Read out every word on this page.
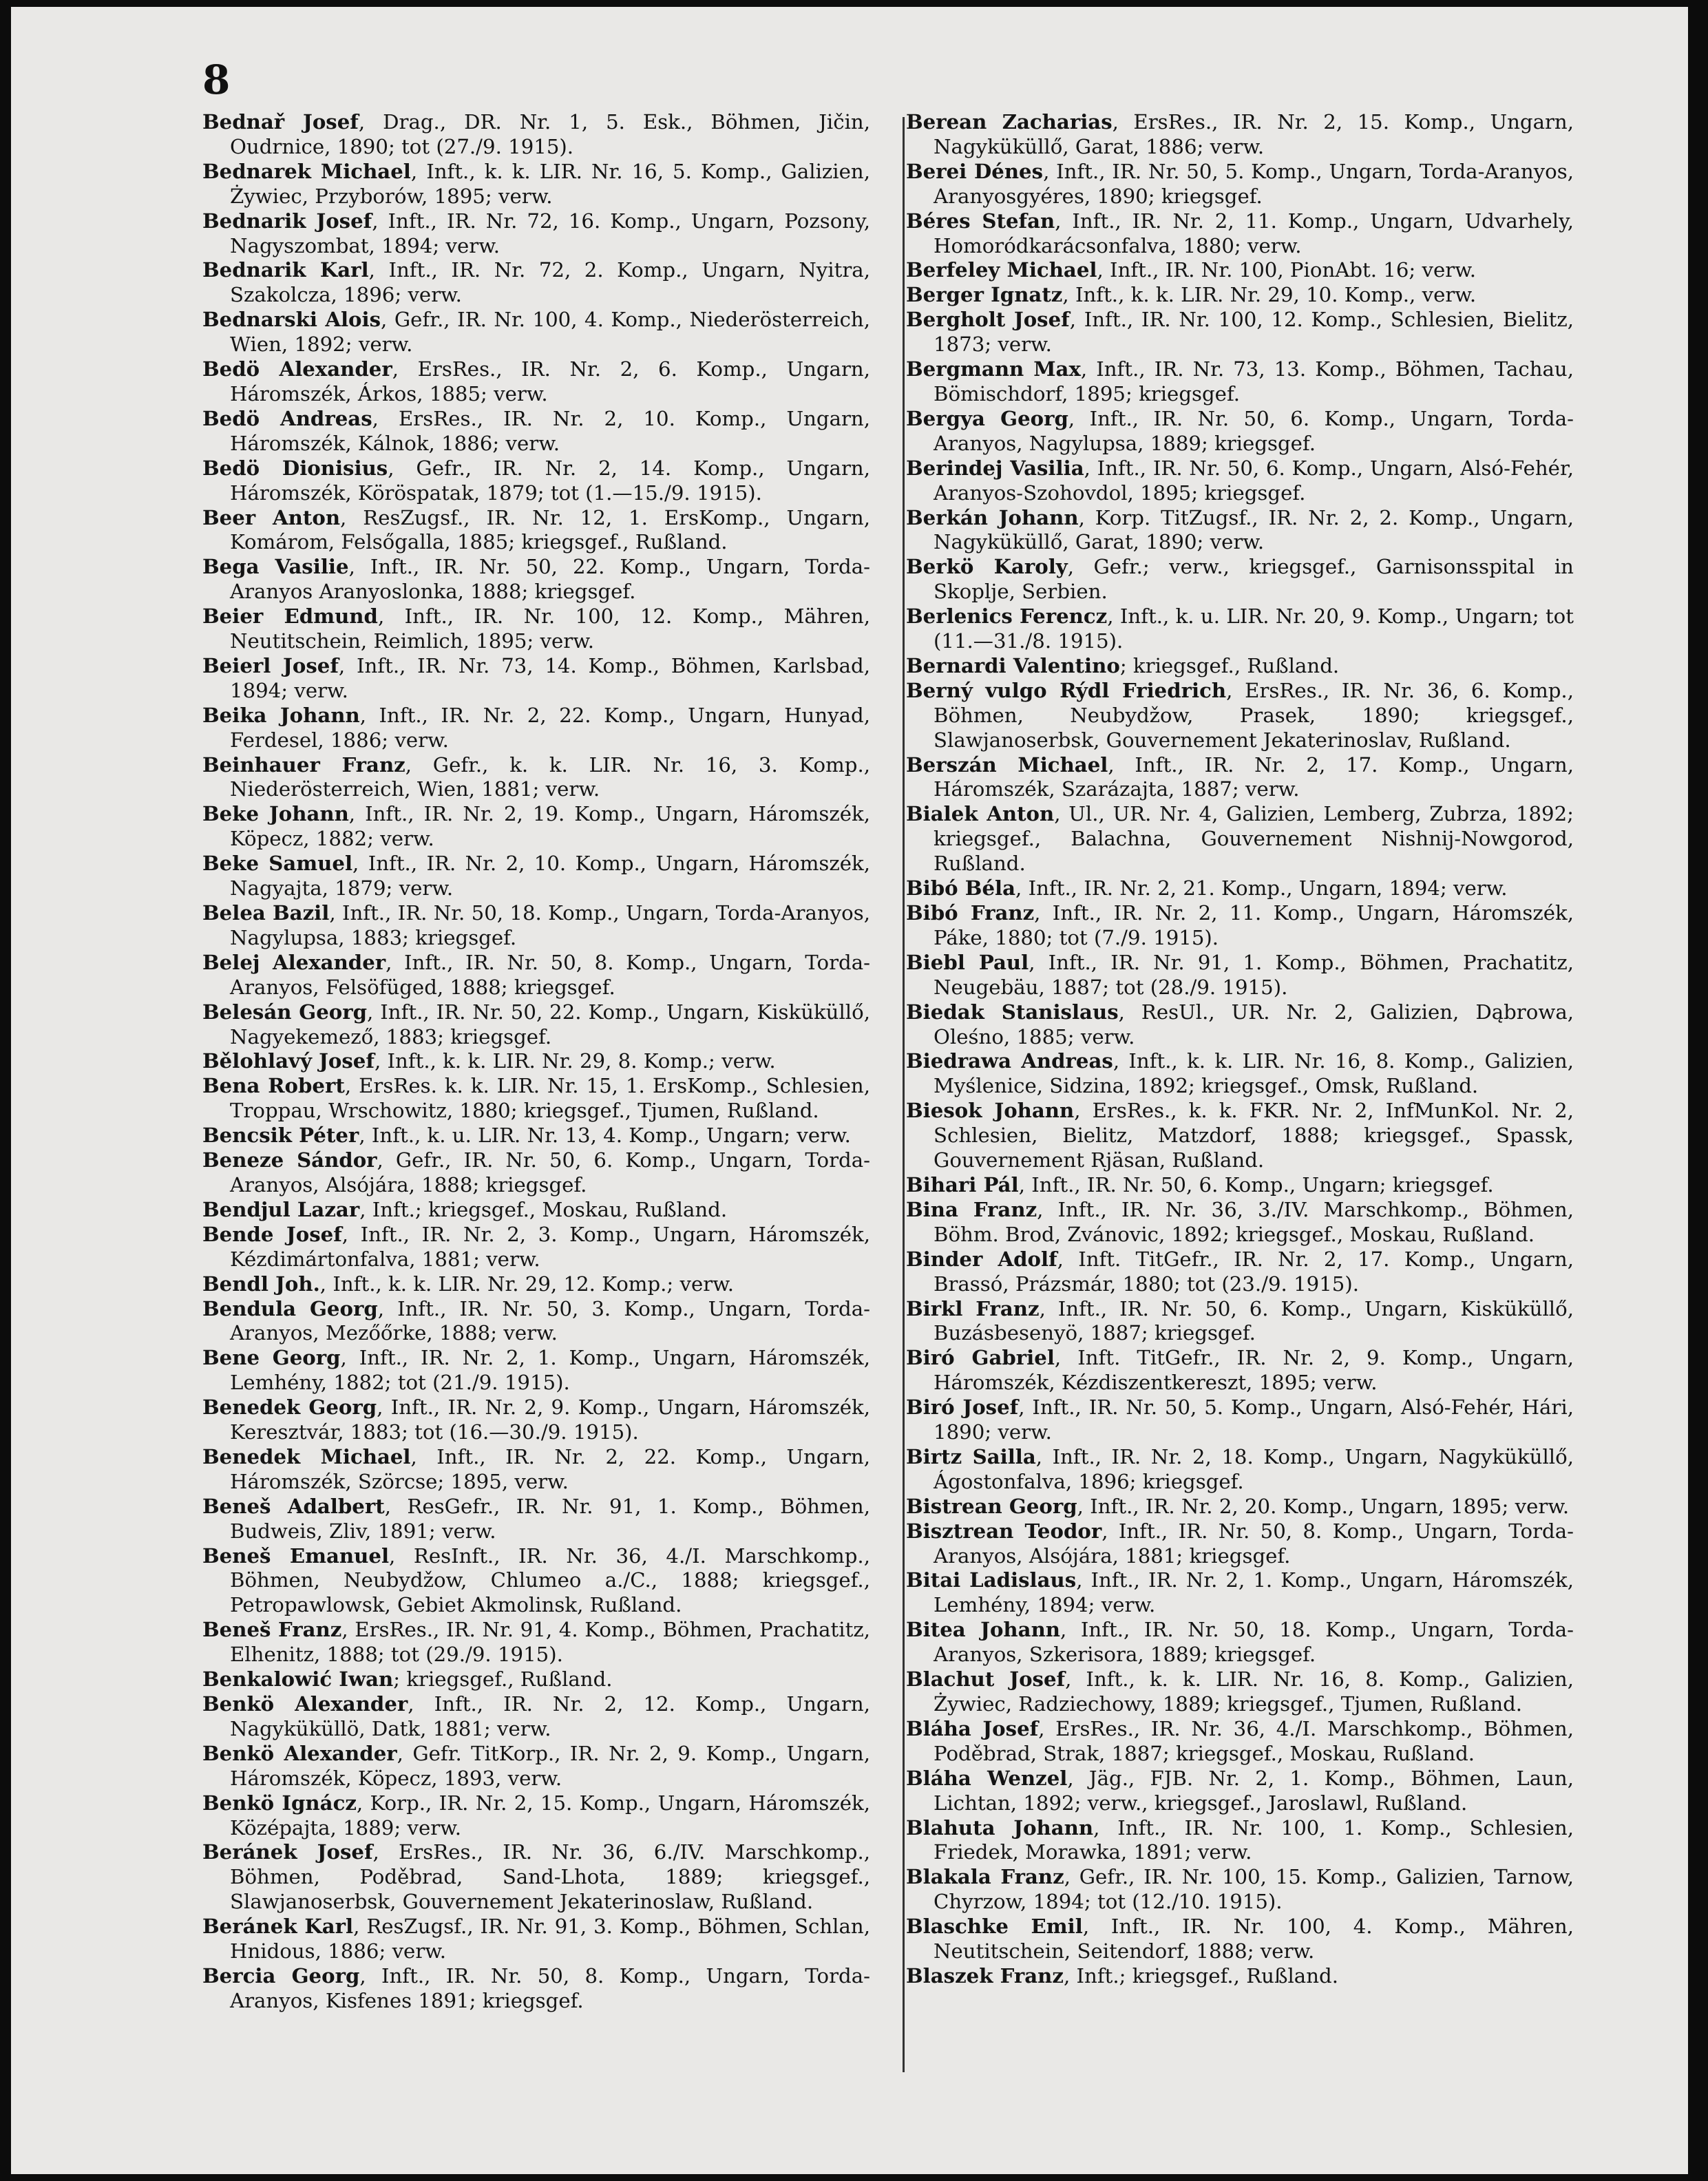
8

Bednař Josef, Drag., DR. Nr. 1, 5. Esk., Böhmen, Jičin, Oudrnice, 1890; tot (27./9. 1915).

Bednarek Michael, Inft., k. k. LIR. Nr. 16, 5. Komp., Galizien, Żywiec, Przyborów, 1895; verw.

Bednarik Josef, Inft., IR. Nr. 72, 16. Komp., Ungarn, Pozsony, Nagyszombat, 1894; verw.

Bednarik Karl, Inft., IR. Nr. 72, 2. Komp., Ungarn, Nyitra, Szakolcza, 1896; verw.

Bednarski Alois, Gefr., IR. Nr. 100, 4. Komp., Niederösterreich, Wien, 1892; verw.

Bedö Alexander, ErsRes., IR. Nr. 2, 6. Komp., Ungarn, Háromszék, Árkos, 1885; verw.

Bedö Andreas, ErsRes., IR. Nr. 2, 10. Komp., Ungarn, Háromszék, Kálnok, 1886; verw.

Bedö Dionisius, Gefr., IR. Nr. 2, 14. Komp., Ungarn, Háromszék, Köröspatak, 1879; tot (1.—15./9. 1915).

Beer Anton, ResZugsf., IR. Nr. 12, 1. ErsKomp., Ungarn, Komárom, Felsőgalla, 1885; kriegsgef., Rußland.

Bega Vasilie, Inft., IR. Nr. 50, 22. Komp., Ungarn, Torda-Aranyos Aranyoslonka, 1888; kriegsgef.

Beier Edmund, Inft., IR. Nr. 100, 12. Komp., Mähren, Neutitschein, Reimlich, 1895; verw.

Beierl Josef, Inft., IR. Nr. 73, 14. Komp., Böhmen, Karlsbad, 1894; verw.

Beika Johann, Inft., IR. Nr. 2, 22. Komp., Ungarn, Hunyad, Ferdesel, 1886; verw.

Beinhauer Franz, Gefr., k. k. LIR. Nr. 16, 3. Komp., Niederösterreich, Wien, 1881; verw.

Beke Johann, Inft., IR. Nr. 2, 19. Komp., Ungarn, Háromszék, Köpecz, 1882; verw.

Beke Samuel, Inft., IR. Nr. 2, 10. Komp., Ungarn, Háromszék, Nagyajta, 1879; verw.

Belea Bazil, Inft., IR. Nr. 50, 18. Komp., Ungarn, Torda-Aranyos, Nagylupsa, 1883; kriegsgef.

Belej Alexander, Inft., IR. Nr. 50, 8. Komp., Ungarn, Torda-Aranyos, Felsöfüged, 1888; kriegsgef.

Belesán Georg, Inft., IR. Nr. 50, 22. Komp., Ungarn, Kisküküllő, Nagyekemező, 1883; kriegsgef.

Bělohlavý Josef, Inft., k. k. LIR. Nr. 29, 8. Komp.; verw.

Bena Robert, ErsRes. k. k. LIR. Nr. 15, 1. ErsKomp., Schlesien, Troppau, Wrschowitz, 1880; kriegsgef., Tjumen, Rußland.

Bencsik Péter, Inft., k. u. LIR. Nr. 13, 4. Komp., Ungarn; verw.

Beneze Sándor, Gefr., IR. Nr. 50, 6. Komp., Ungarn, Torda-Aranyos, Alsójára, 1888; kriegsgef.

Bendjul Lazar, Inft.; kriegsgef., Moskau, Rußland.

Bende Josef, Inft., IR. Nr. 2, 3. Komp., Ungarn, Háromszék, Kézdimártonfalva, 1881; verw.

Bendl Joh., Inft., k. k. LIR. Nr. 29, 12. Komp.; verw.

Bendula Georg, Inft., IR. Nr. 50, 3. Komp., Ungarn, Torda-Aranyos, Mezőőrke, 1888; verw.

Bene Georg, Inft., IR. Nr. 2, 1. Komp., Ungarn, Háromszék, Lemhény, 1882; tot (21./9. 1915).

Benedek Georg, Inft., IR. Nr. 2, 9. Komp., Ungarn, Háromszék, Keresztvár, 1883; tot (16.—30./9. 1915).

Benedek Michael, Inft., IR. Nr. 2, 22. Komp., Ungarn, Háromszék, Szörcse; 1895, verw.

Beneš Adalbert, ResGefr., IR. Nr. 91, 1. Komp., Böhmen, Budweis, Zliv, 1891; verw.

Beneš Emanuel, ResInft., IR. Nr. 36, 4./I. Marschkomp., Böhmen, Neubydžow, Chlumeo a./C., 1888; kriegsgef., Petropawlowsk, Gebiet Akmolinsk, Rußland.

Beneš Franz, ErsRes., IR. Nr. 91, 4. Komp., Böhmen, Prachatitz, Elhenitz, 1888; tot (29./9. 1915).

Benkalowić Iwan; kriegsgef., Rußland.

Benkö Alexander, Inft., IR. Nr. 2, 12. Komp., Ungarn, Nagyküküllö, Datk, 1881; verw.

Benkö Alexander, Gefr. TitKorp., IR. Nr. 2, 9. Komp., Ungarn, Háromszék, Köpecz, 1893, verw.

Benkö Ignácz, Korp., IR. Nr. 2, 15. Komp., Ungarn, Háromszék, Középajta, 1889; verw.

Beránek Josef, ErsRes., IR. Nr. 36, 6./IV. Marschkomp., Böhmen, Poděbrad, Sand-Lhota, 1889; kriegsgef., Slawjanoserbsk, Gouvernement Jekaterinoslaw, Rußland.

Beránek Karl, ResZugsf., IR. Nr. 91, 3. Komp., Böhmen, Schlan, Hnidous, 1886; verw.

Bercia Georg, Inft., IR. Nr. 50, 8. Komp., Ungarn, Torda-Aranyos, Kisfenes 1891; kriegsgef.

Berean Zacharias, ErsRes., IR. Nr. 2, 15. Komp., Ungarn, Nagyküküllő, Garat, 1886; verw.

Berei Dénes, Inft., IR. Nr. 50, 5. Komp., Ungarn, Torda-Aranyos, Aranyosgyéres, 1890; kriegsgef.

Béres Stefan, Inft., IR. Nr. 2, 11. Komp., Ungarn, Udvarhely, Homoródkarácsonfalva, 1880; verw.

Berfeley Michael, Inft., IR. Nr. 100, PionAbt. 16; verw.

Berger Ignatz, Inft., k. k. LIR. Nr. 29, 10. Komp., verw.

Bergholt Josef, Inft., IR. Nr. 100, 12. Komp., Schlesien, Bielitz, 1873; verw.

Bergmann Max, Inft., IR. Nr. 73, 13. Komp., Böhmen, Tachau, Bömischdorf, 1895; kriegsgef.

Bergya Georg, Inft., IR. Nr. 50, 6. Komp., Ungarn, Torda-Aranyos, Nagylupsa, 1889; kriegsgef.

Berindej Vasilia, Inft., IR. Nr. 50, 6. Komp., Ungarn, Alsó-Fehér, Aranyos-Szohovdol, 1895; kriegsgef.

Berkán Johann, Korp. TitZugsf., IR. Nr. 2, 2. Komp., Ungarn, Nagyküküllő, Garat, 1890; verw.

Berkö Karoly, Gefr.; verw., kriegsgef., Garnisonsspital in Skoplje, Serbien.

Berlenics Ferencz, Inft., k. u. LIR. Nr. 20, 9. Komp., Ungarn; tot (11.—31./8. 1915).

Bernardi Valentino; kriegsgef., Rußland.

Berný vulgo Rýdl Friedrich, ErsRes., IR. Nr. 36, 6. Komp., Böhmen, Neubydžow, Prasek, 1890; kriegsgef., Slawjanoserbsk, Gouvernement Jekaterinoslav, Rußland.

Berszán Michael, Inft., IR. Nr. 2, 17. Komp., Ungarn, Háromszék, Szarázajta, 1887; verw.

Bialek Anton, Ul., UR. Nr. 4, Galizien, Lemberg, Zubrza, 1892; kriegsgef., Balachna, Gouvernement Nishnij-Nowgorod, Rußland.

Bibó Béla, Inft., IR. Nr. 2, 21. Komp., Ungarn, 1894; verw.

Bibó Franz, Inft., IR. Nr. 2, 11. Komp., Ungarn, Háromszék, Páke, 1880; tot (7./9. 1915).

Biebl Paul, Inft., IR. Nr. 91, 1. Komp., Böhmen, Prachatitz, Neugebäu, 1887; tot (28./9. 1915).

Biedak Stanislaus, ResUl., UR. Nr. 2, Galizien, Dąbrowa, Oleśno, 1885; verw.

Biedrawa Andreas, Inft., k. k. LIR. Nr. 16, 8. Komp., Galizien, Myślenice, Sidzina, 1892; kriegsgef., Omsk, Rußland.

Biesok Johann, ErsRes., k. k. FKR. Nr. 2, InfMunKol. Nr. 2, Schlesien, Bielitz, Matzdorf, 1888; kriegsgef., Spassk, Gouvernement Rjäsan, Rußland.

Bihari Pál, Inft., IR. Nr. 50, 6. Komp., Ungarn; kriegsgef.

Bina Franz, Inft., IR. Nr. 36, 3./IV. Marschkomp., Böhmen, Böhm. Brod, Zvánovic, 1892; kriegsgef., Moskau, Rußland.

Binder Adolf, Inft. TitGefr., IR. Nr. 2, 17. Komp., Ungarn, Brassó, Prázsmár, 1880; tot (23./9. 1915).

Birkl Franz, Inft., IR. Nr. 50, 6. Komp., Ungarn, Kisküküllő, Buzásbesenyö, 1887; kriegsgef.

Biró Gabriel, Inft. TitGefr., IR. Nr. 2, 9. Komp., Ungarn, Háromszék, Kézdiszentkereszt, 1895; verw.

Biró Josef, Inft., IR. Nr. 50, 5. Komp., Ungarn, Alsó-Fehér, Hári, 1890; verw.

Birtz Sailla, Inft., IR. Nr. 2, 18. Komp., Ungarn, Nagyküküllő, Ágostonfalva, 1896; kriegsgef.

Bistrean Georg, Inft., IR. Nr. 2, 20. Komp., Ungarn, 1895; verw.

Bisztrean Teodor, Inft., IR. Nr. 50, 8. Komp., Ungarn, Torda-Aranyos, Alsójára, 1881; kriegsgef.

Bitai Ladislaus, Inft., IR. Nr. 2, 1. Komp., Ungarn, Háromszék, Lemhény, 1894; verw.

Bitea Johann, Inft., IR. Nr. 50, 18. Komp., Ungarn, Torda-Aranyos, Szkerisora, 1889; kriegsgef.

Blachut Josef, Inft., k. k. LIR. Nr. 16, 8. Komp., Galizien, Żywiec, Radziechowy, 1889; kriegsgef., Tjumen, Rußland.

Bláha Josef, ErsRes., IR. Nr. 36, 4./I. Marschkomp., Böhmen, Poděbrad, Strak, 1887; kriegsgef., Moskau, Rußland.

Bláha Wenzel, Jäg., FJB. Nr. 2, 1. Komp., Böhmen, Laun, Lichtan, 1892; verw., kriegsgef., Jaroslawl, Rußland.

Blahuta Johann, Inft., IR. Nr. 100, 1. Komp., Schlesien, Friedek, Morawka, 1891; verw.

Blakala Franz, Gefr., IR. Nr. 100, 15. Komp., Galizien, Tarnow, Chyrzow, 1894; tot (12./10. 1915).

Blaschke Emil, Inft., IR. Nr. 100, 4. Komp., Mähren, Neutitschein, Seitendorf, 1888; verw.

Blaszek Franz, Inft.; kriegsgef., Rußland.
